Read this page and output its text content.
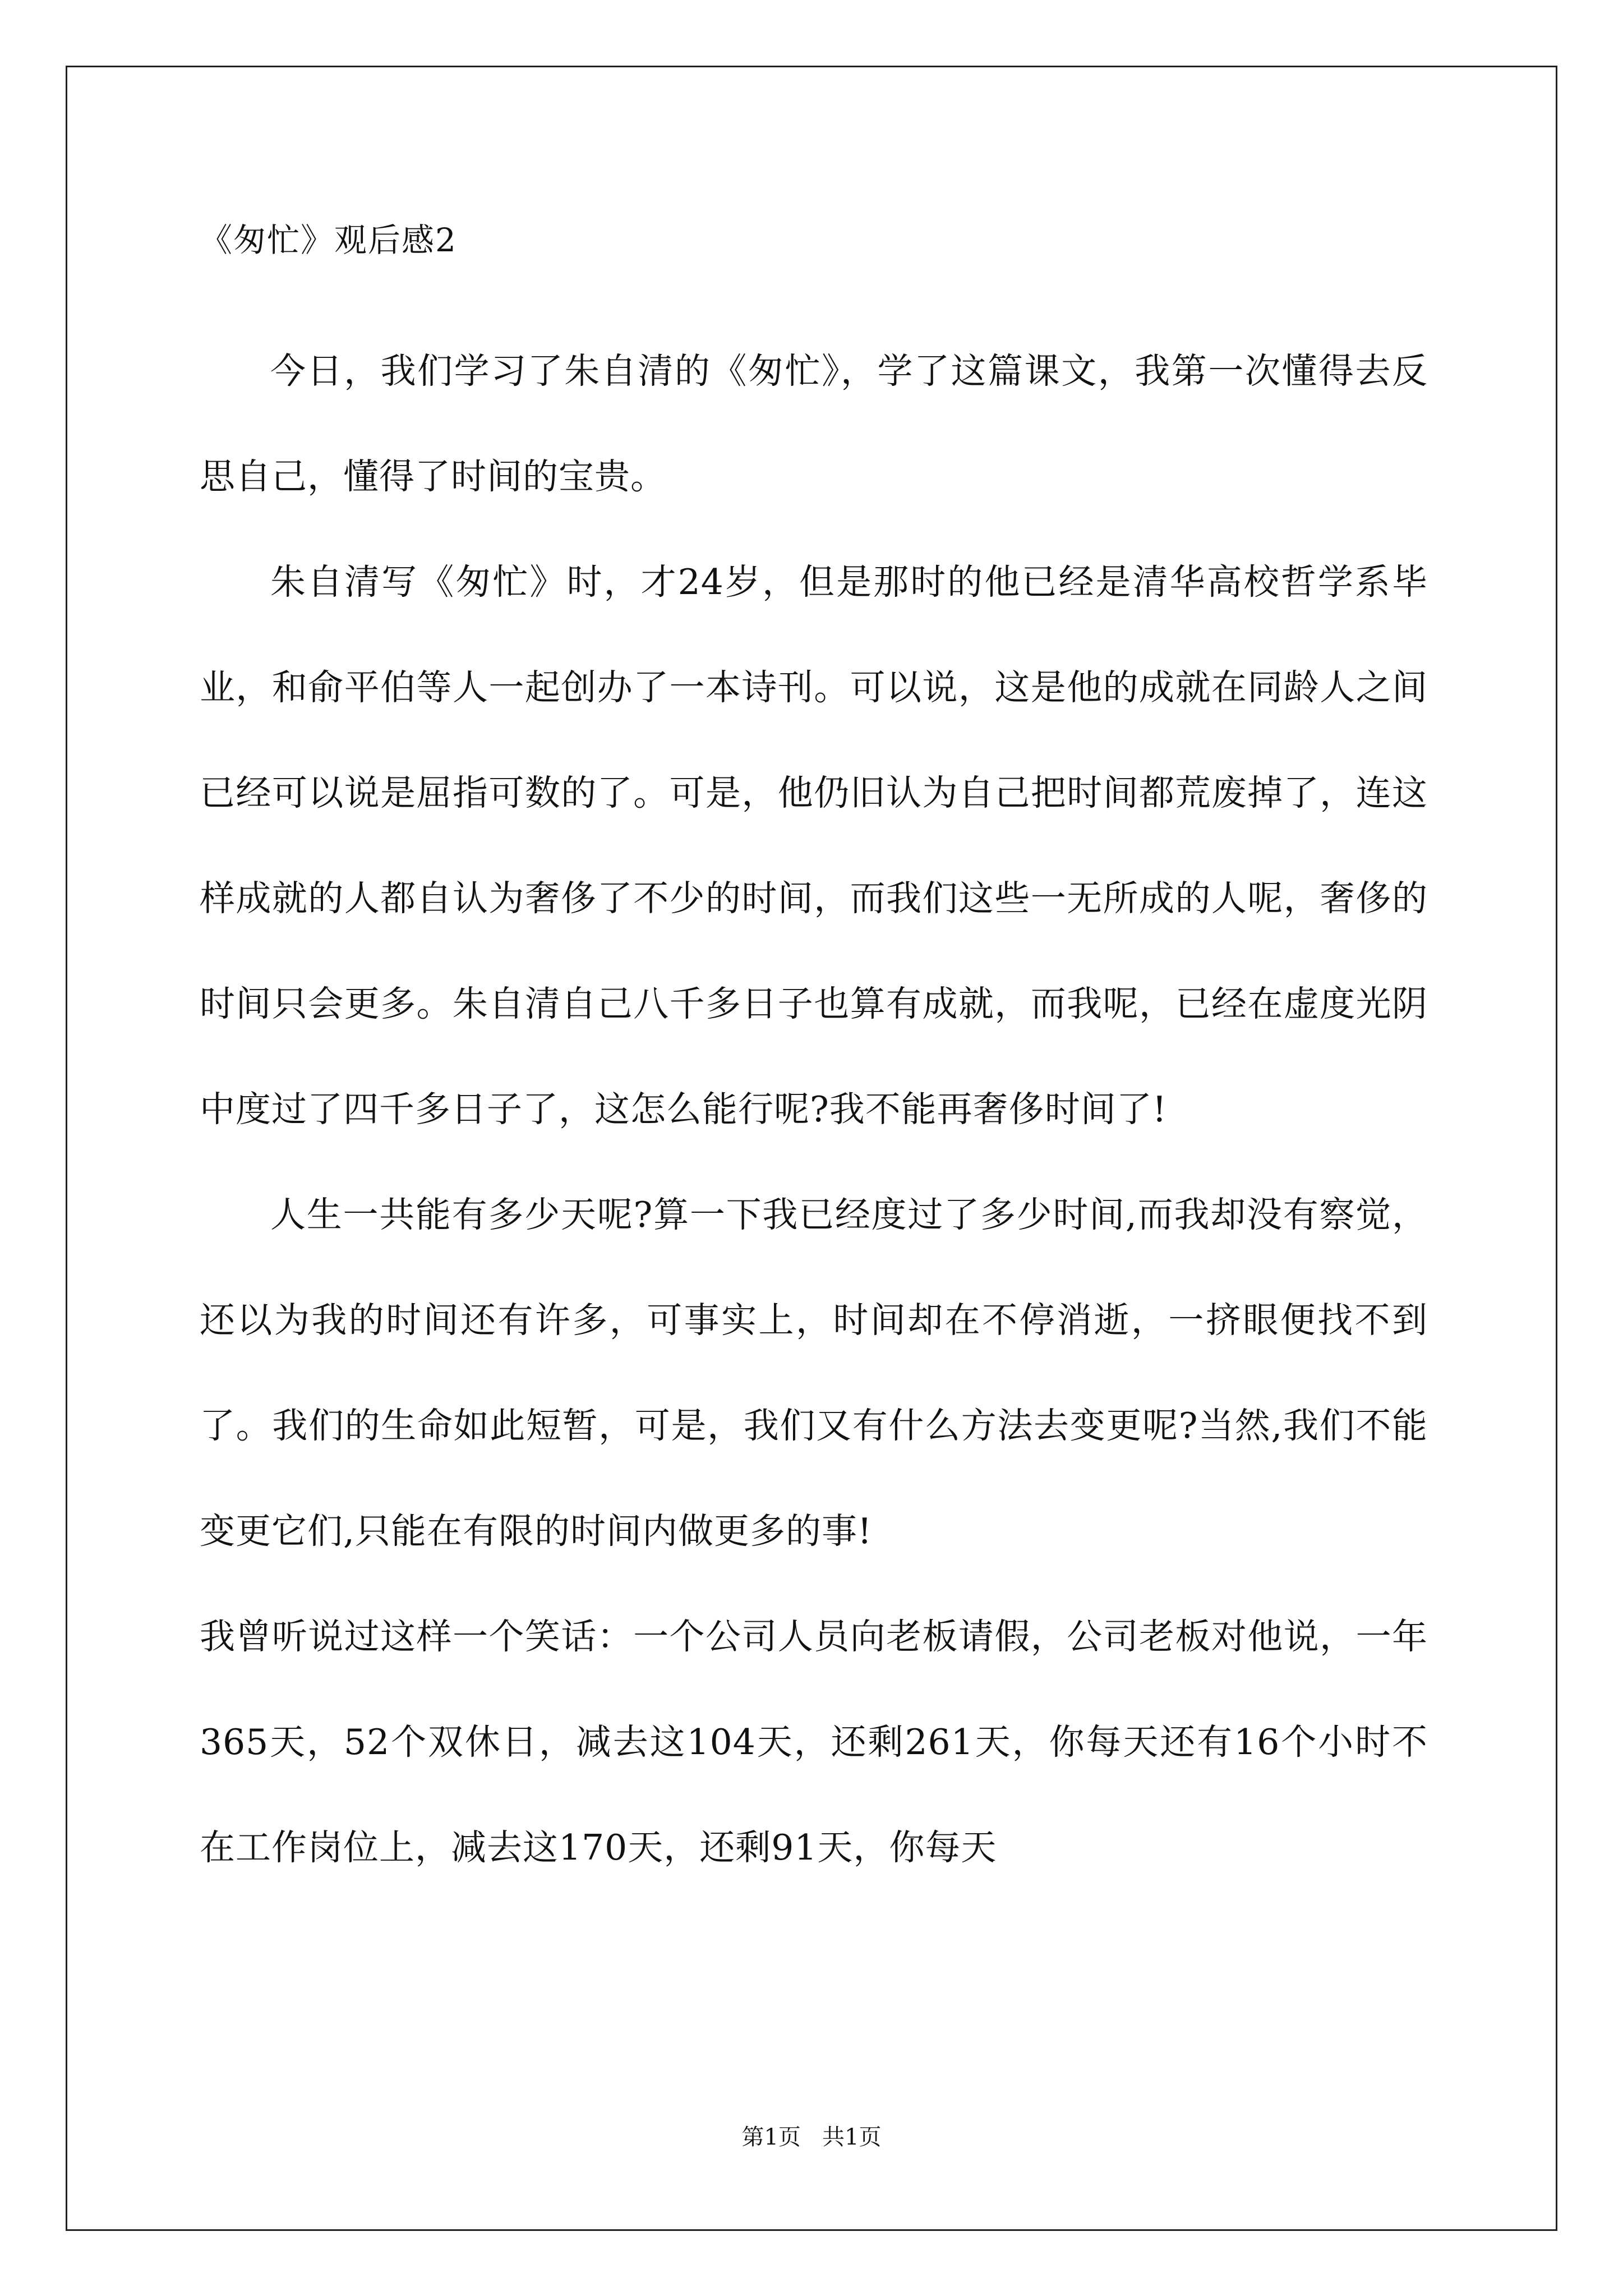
《匆忙》观后感2

今日，我们学习了朱自清的《匆忙》，学了这篇课文，我第一次懂得去反思自己，懂得了时间的宝贵。

朱自清写《匆忙》时，才24岁，但是那时的他已经是清华高校哲学系毕业，和俞平伯等人一起创办了一本诗刊。可以说，这是他的成就在同龄人之间已经可以说是屈指可数的了。可是，他仍旧认为自己把时间都荒废掉了，连这样成就的人都自认为奢侈了不少的时间，而我们这些一无所成的人呢，奢侈的时间只会更多。朱自清自己八千多日子也算有成就，而我呢，已经在虚度光阴中度过了四千多日子了，这怎么能行呢?我不能再奢侈时间了!

人生一共能有多少天呢?算一下我已经度过了多少时间,而我却没有察觉，还以为我的时间还有许多，可事实上，时间却在不停消逝，一挤眼便找不到了。我们的生命如此短暂，可是，我们又有什么方法去变更呢?当然,我们不能变更它们,只能在有限的时间内做更多的事!

我曾听说过这样一个笑话：一个公司人员向老板请假，公司老板对他说，一年365天，52个双休日，减去这104天，还剩261天，你每天还有16个小时不在工作岗位上，减去这170天，还剩91天，你每天

第1页   共1页
